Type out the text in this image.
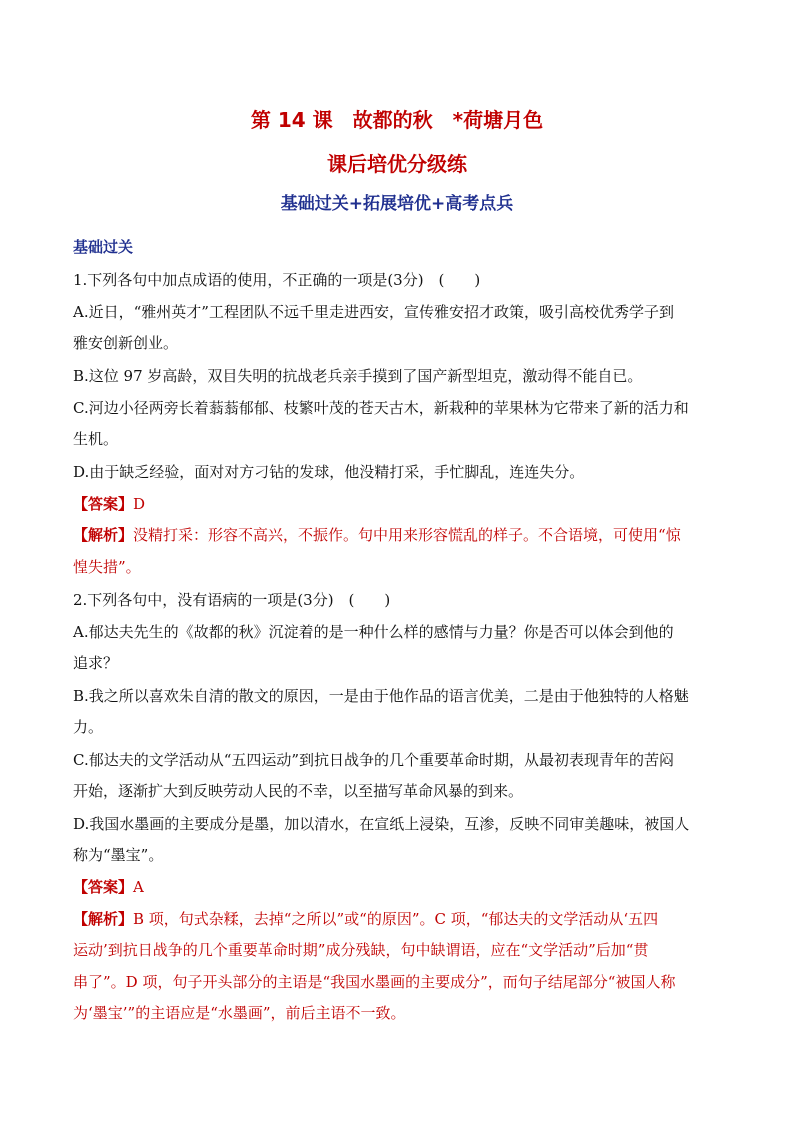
第 14 课　故都的秋　*荷塘月色
课后培优分级练
基础过关+拓展培优+高考点兵
基础过关
1.下列各句中加点成语的使用，不正确的一项是(3分)　(　　)
A.近日，“雅州英才”工程团队不远千里走进西安，宣传雅安招才政策，吸引高校优秀学子到
雅安创新创业。
B.这位 97 岁高龄，双目失明的抗战老兵亲手摸到了国产新型坦克，激动得不能自已。
C.河边小径两旁长着蓊蓊郁郁、枝繁叶茂的苍天古木，新栽种的苹果林为它带来了新的活力和
生机。
D.由于缺乏经验，面对对方刁钻的发球，他没精打采，手忙脚乱，连连失分。
【答案】D
【解析】没精打采：形容不高兴，不振作。句中用来形容慌乱的样子。不合语境，可使用“惊
惶失措”。
2.下列各句中，没有语病的一项是(3分)　(　　)
A.郁达夫先生的《故都的秋》沉淀着的是一种什么样的感情与力量？你是否可以体会到他的
追求？
B.我之所以喜欢朱自清的散文的原因，一是由于他作品的语言优美，二是由于他独特的人格魅
力。
C.郁达夫的文学活动从“五四运动”到抗日战争的几个重要革命时期，从最初表现青年的苦闷
开始，逐渐扩大到反映劳动人民的不幸，以至描写革命风暴的到来。
D.我国水墨画的主要成分是墨，加以清水，在宣纸上浸染，互渗，反映不同审美趣味，被国人
称为“墨宝”。
【答案】A
【解析】B 项，句式杂糅，去掉“之所以”或“的原因”。C 项，“郁达夫的文学活动从‘五四
运动’到抗日战争的几个重要革命时期”成分残缺，句中缺谓语，应在“文学活动”后加“贯
串了”。D 项，句子开头部分的主语是“我国水墨画的主要成分”，而句子结尾部分“被国人称
为‘墨宝’”的主语应是“水墨画”，前后主语不一致。
